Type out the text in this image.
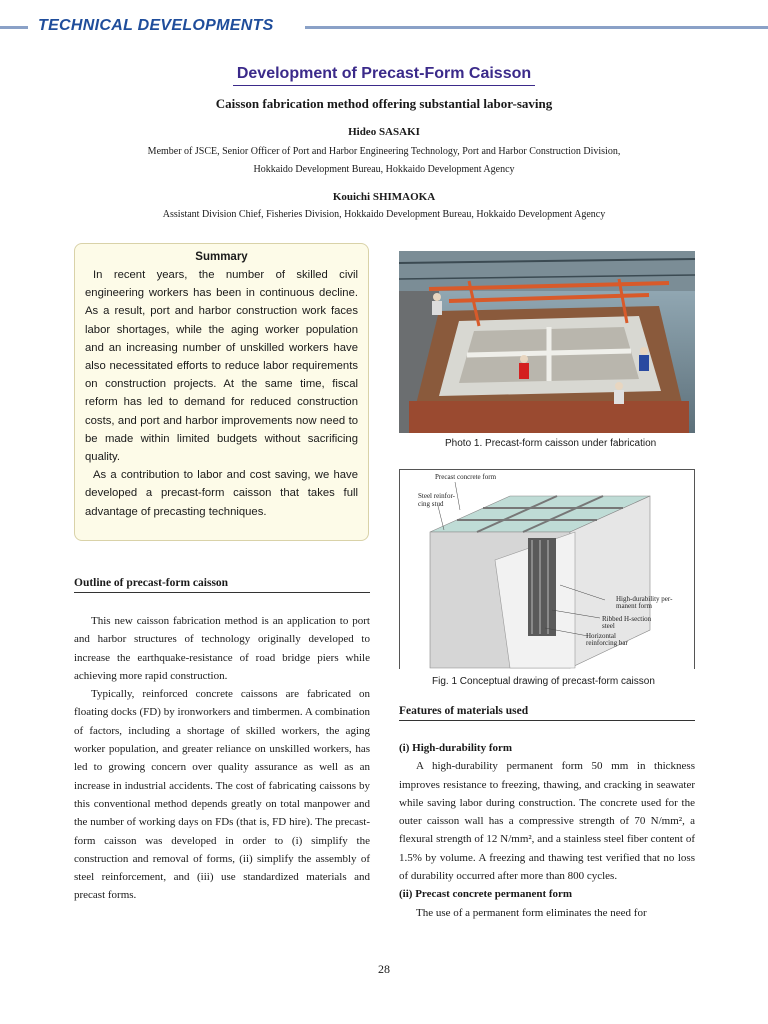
TECHNICAL DEVELOPMENTS
Development of Precast-Form Caisson
Caisson fabrication method offering substantial labor-saving
Hideo SASAKI
Member of JSCE, Senior Officer of Port and Harbor Engineering Technology, Port and Harbor Construction Division,
Hokkaido Development Bureau, Hokkaido Development Agency
Kouichi SHIMAOKA
Assistant Division Chief, Fisheries Division, Hokkaido Development Bureau, Hokkaido Development Agency
Summary

In recent years, the number of skilled civil engineering workers has been in continuous decline. As a result, port and harbor construction work faces labor shortages, while the aging worker population and an increasing number of unskilled workers have also necessitated efforts to reduce labor requirements on construction projects. At the same time, fiscal reform has led to demand for reduced construction costs, and port and harbor improvements now need to be made within limited budgets without sacrificing quality.

As a contribution to labor and cost saving, we have developed a precast-form caisson that takes full advantage of precasting techniques.

Outline of precast-form caisson

This new caisson fabrication method is an application to port and harbor structures of technology originally developed to increase the earthquake-resistance of road bridge piers while achieving more rapid construction.

Typically, reinforced concrete caissons are fabricated on floating docks (FD) by ironworkers and timbermen. A combination of factors, including a shortage of skilled workers, the aging worker population, and greater reliance on unskilled workers, has led to growing concern over quality assurance as well as an increase in industrial accidents. The cost of fabricating caissons by this conventional method depends greatly on total manpower and the number of working days on FDs (that is, FD hire). The precast-form caisson was developed in order to (i) simplify the construction and removal of forms, (ii) simplify the assembly of steel reinforcement, and (iii) use standardized materials and precast forms.

Photo 1. Precast-form caisson under fabrication
Precast concrete form
Steel reinfor-
cing stud
High-durability per-
manent form
Ribbed H-section
steel
Horizontal
reinforcing bar
Fig. 1 Conceptual drawing of precast-form caisson
Features of materials used

(i) High-durability form

A high-durability permanent form 50 mm in thickness improves resistance to freezing, thawing, and cracking in seawater while saving labor during construction. The concrete used for the outer caisson wall has a compressive strength of 70 N/mm², a flexural strength of 12 N/mm², and a stainless steel fiber content of 1.5% by volume. A freezing and thawing test verified that no loss of durability occurred after more than 800 cycles.

(ii) Precast concrete permanent form

The use of a permanent form eliminates the need for

28
